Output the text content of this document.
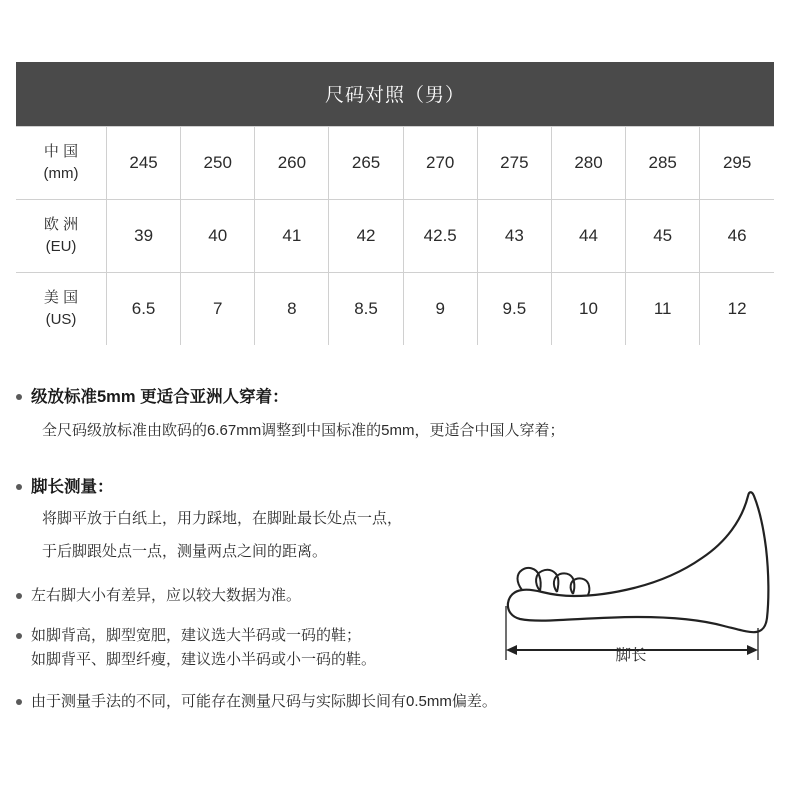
尺码对照（男）
中 国
(mm)	245	250	260	265	270	275	280	285	295

欧 洲
(EU)	39	40	41	42	42.5	43	44	45	46

美 国
(US)	6.5	7	8	8.5	9	9.5	10	11	12
级放标准5mm 更适合亚洲人穿着：
全尺码级放标准由欧码的6.67mm调整到中国标准的5mm，更适合中国人穿着；
脚长测量：
将脚平放于白纸上，用力踩地，在脚趾最长处点一点，
于后脚跟处点一点，测量两点之间的距离。
左右脚大小有差异，应以较大数据为准。
如脚背高，脚型宽肥，建议选大半码或一码的鞋；
如脚背平、脚型纤瘦，建议选小半码或小一码的鞋。
由于测量手法的不同，可能存在测量尺码与实际脚长间有0.5mm偏差。
脚长
